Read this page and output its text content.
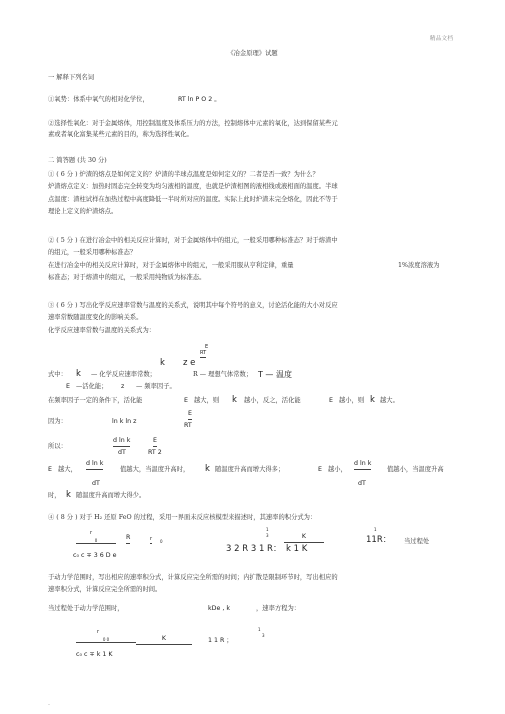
精品文档
《冶金原理》试题
一 解释下列名词
①氧势：体系中氧气的相对化学位，	RT ln P O 2 。
②选择性氧化：对于金属熔体，用控制温度及体系压力的方法，控制熔体中元素的氧化，达到保留某些元
素或者氧化富集某些元素的目的，称为选择性氧化。
二 简答题 (共 30 分)
① ( 6 分 ) 炉渣的熔点是如何定义的？炉渣的半球点温度是如何定义的？二者是否一致？为什么？
炉渣熔点定义：加热时固态完全转变为均匀液相的温度，也就是炉渣相图的液相线或液相面的温度。半球
点温度：渣柱试样在加热过程中高度降低一半时所对应的温度。实际上此时炉渣未完全熔化，因此不等于
理论上定义的炉渣熔点。
② ( 5 分 ) 在进行冶金中的相关反应计算时，对于金属熔体中的组元，一般采用哪种标准态？对于熔渣中
的组元，一般采用哪种标准态？
在进行冶金中的相关反应计算时，对于金属熔体中的组元，一般采用服从亨利定律，重量	1%浓度溶液为
标准态；对于熔渣中的组元，一般采用纯物质为标准态。
③ ( 6 分 ) 写出化学反应速率常数与温度的关系式，说明其中每个符号的意义，讨论活化能的大小对反应
速率常数随温度变化的影响关系。
化学反应速率常数与温度的关系式为：
E
RT
k z e
式中： k — 化学反应速率常数；	R — 理想气体常数； T — 温度
E —活化能； z — 频率因子。
在频率因子一定的条件下，活化能	E 越大，则 k 越小，反之，活化能	E 越小，则 k 越大。
因为：	ln k ln z
E
RT
所以：
d ln k	E
dT	RT 2
E 越大，
d ln k
值越大，当温度升高时， k 随温度升高而增大得多；	E 越小，
d ln k
值越小，当温度升高
dT	dT
时， k 随温度升高而增大得少。
④ ( 8 分 ) 对于 H₂ 还原 FeO 的过程，采用一界面未反应核模型来描述时，其速率的积分式为：
r
0	R	r 0
c₀ c ∓ 3 6 D e
1
3	K
1
3 2 R 3 1 R： k 1 K
11R： 当过程处
于动力学范围时，写出相应的速率积分式，计算反应完全所需的时间；内扩散是限制环节时，写出相应的
速率积分式，计算反应完全所需的时间。
当过程处于动力学范围时，	kDe , k	，速率方程为：
r
0 0	K	1 1 R ；
1
3
c₀ c ∓ k 1 K
.
